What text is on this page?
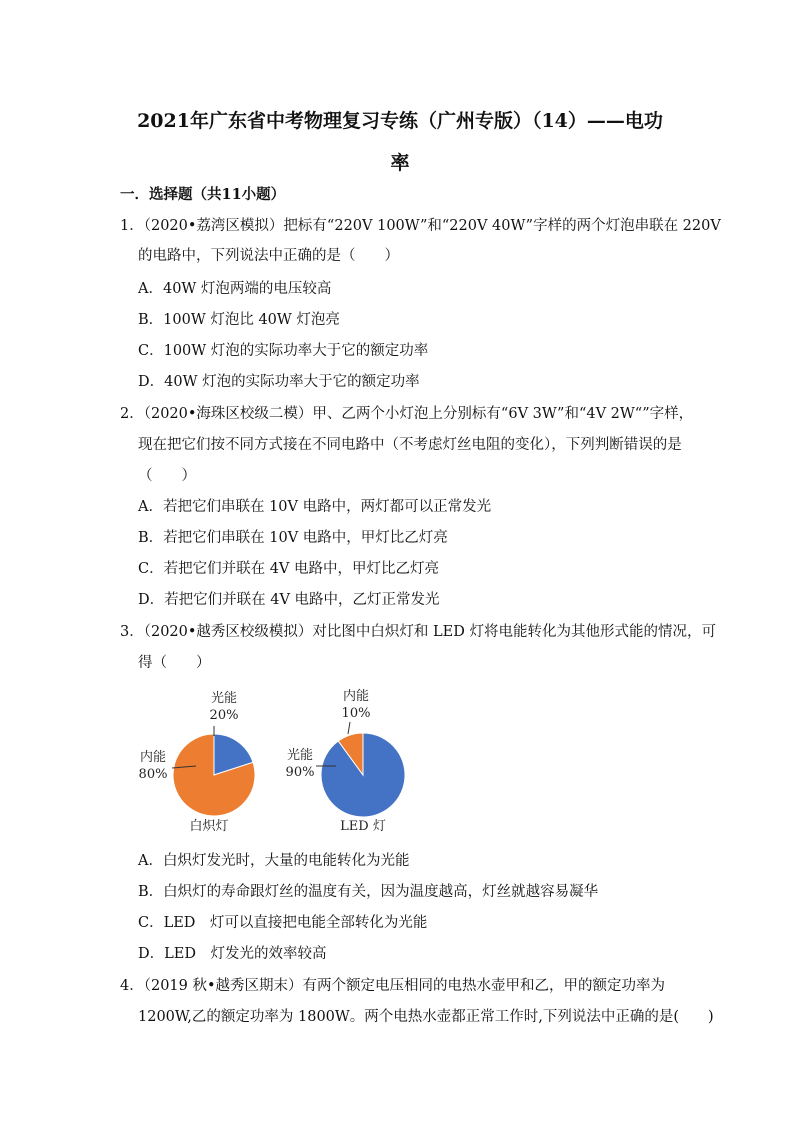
2021年广东省中考物理复习专练（广州专版）（14）——电功
率
一．选择题（共11小题）
1．（2020•荔湾区模拟）把标有“220V 100W”和“220V 40W”字样的两个灯泡串联在 220V
的电路中，下列说法中正确的是（　　）
A．40W 灯泡两端的电压较高
B．100W 灯泡比 40W 灯泡亮
C．100W 灯泡的实际功率大于它的额定功率
D．40W 灯泡的实际功率大于它的额定功率
2．（2020•海珠区校级二模）甲、乙两个小灯泡上分别标有“6V 3W”和“4V 2W“”字样，
现在把它们按不同方式接在不同电路中（不考虑灯丝电阻的变化），下列判断错误的是
（　　）
A．若把它们串联在 10V 电路中，两灯都可以正常发光
B．若把它们串联在 10V 电路中，甲灯比乙灯亮
C．若把它们并联在 4V 电路中，甲灯比乙灯亮
D．若把它们并联在 4V 电路中，乙灯正常发光
3．（2020•越秀区校级模拟）对比图中白炽灯和 LED 灯将电能转化为其他形式能的情况，可
得（　　）
光能
20%
内能
80%
白炽灯
内能
10%
光能
90%
LED 灯
A．白炽灯发光时，大量的电能转化为光能
B．白炽灯的寿命跟灯丝的温度有关，因为温度越高，灯丝就越容易凝华
C．LED　灯可以直接把电能全部转化为光能
D．LED　灯发光的效率较高
4．（2019 秋•越秀区期末）有两个额定电压相同的电热水壶甲和乙，甲的额定功率为
1200W,乙的额定功率为 1800W。两个电热水壶都正常工作时,下列说法中正确的是(　　)
